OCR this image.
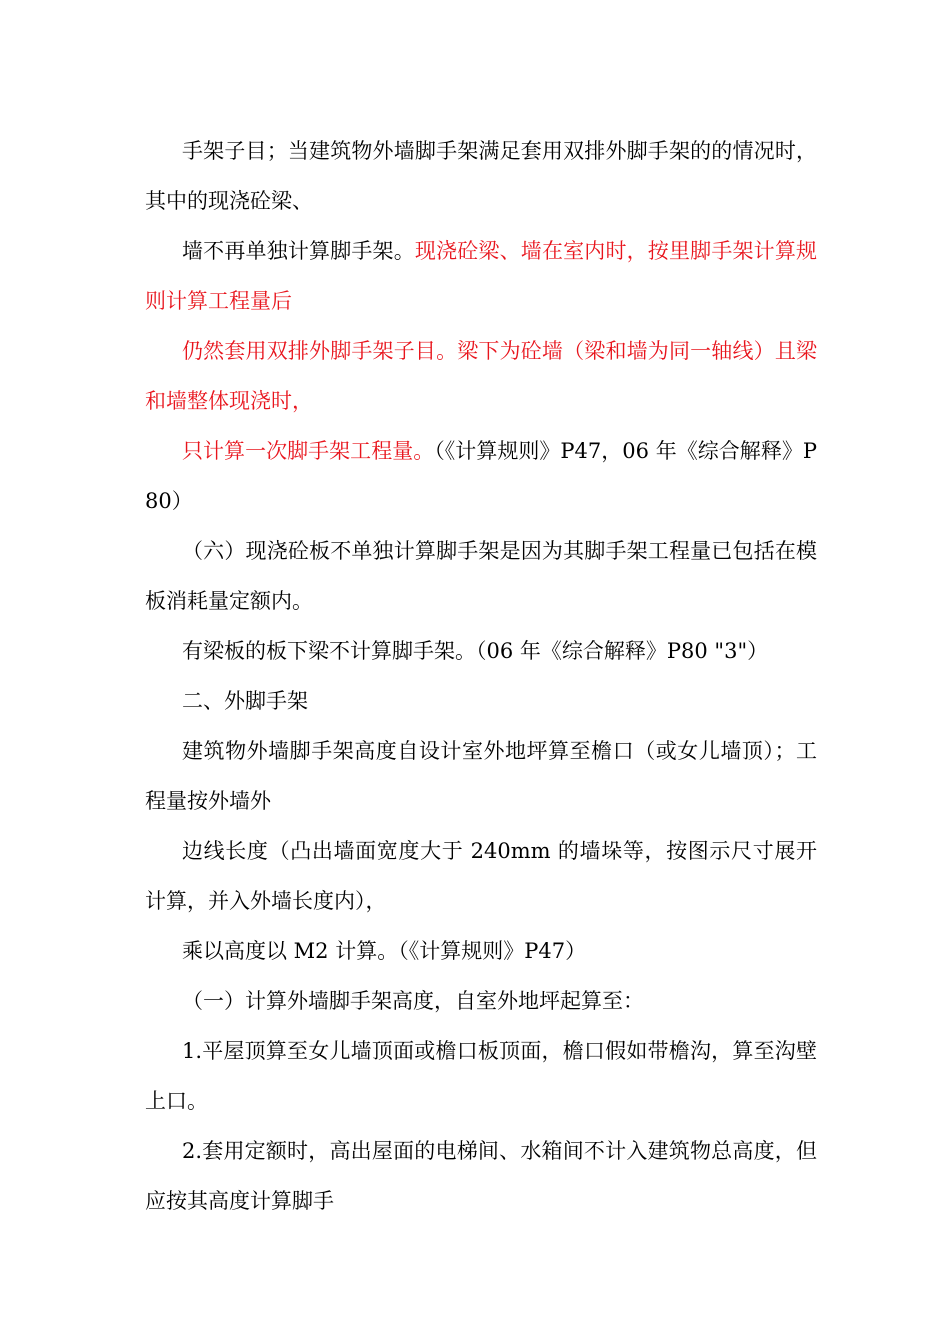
手架子目；当建筑物外墙脚手架满足套用双排外脚手架的的情况时，其中的现浇砼梁、

墙不再单独计算脚手架。现浇砼梁、墙在室内时，按里脚手架计算规则计算工程量后

仍然套用双排外脚手架子目。梁下为砼墙（梁和墙为同一轴线）且梁和墙整体现浇时，

只计算一次脚手架工程量。（《计算规则》P47，06 年《综合解释》P80）

（六）现浇砼板不单独计算脚手架是因为其脚手架工程量已包括在模板消耗量定额内。

有梁板的板下梁不计算脚手架。（06 年《综合解释》P80 "3"）

二、外脚手架

建筑物外墙脚手架高度自设计室外地坪算至檐口（或女儿墙顶）；工程量按外墙外

边线长度（凸出墙面宽度大于 240mm 的墙垛等，按图示尺寸展开计算，并入外墙长度内），

乘以高度以 M2 计算。（《计算规则》P47）

（一）计算外墙脚手架高度，自室外地坪起算至：

1.平屋顶算至女儿墙顶面或檐口板顶面，檐口假如带檐沟，算至沟壁上口。

2.套用定额时，高出屋面的电梯间、水箱间不计入建筑物总高度，但应按其高度计算脚手
